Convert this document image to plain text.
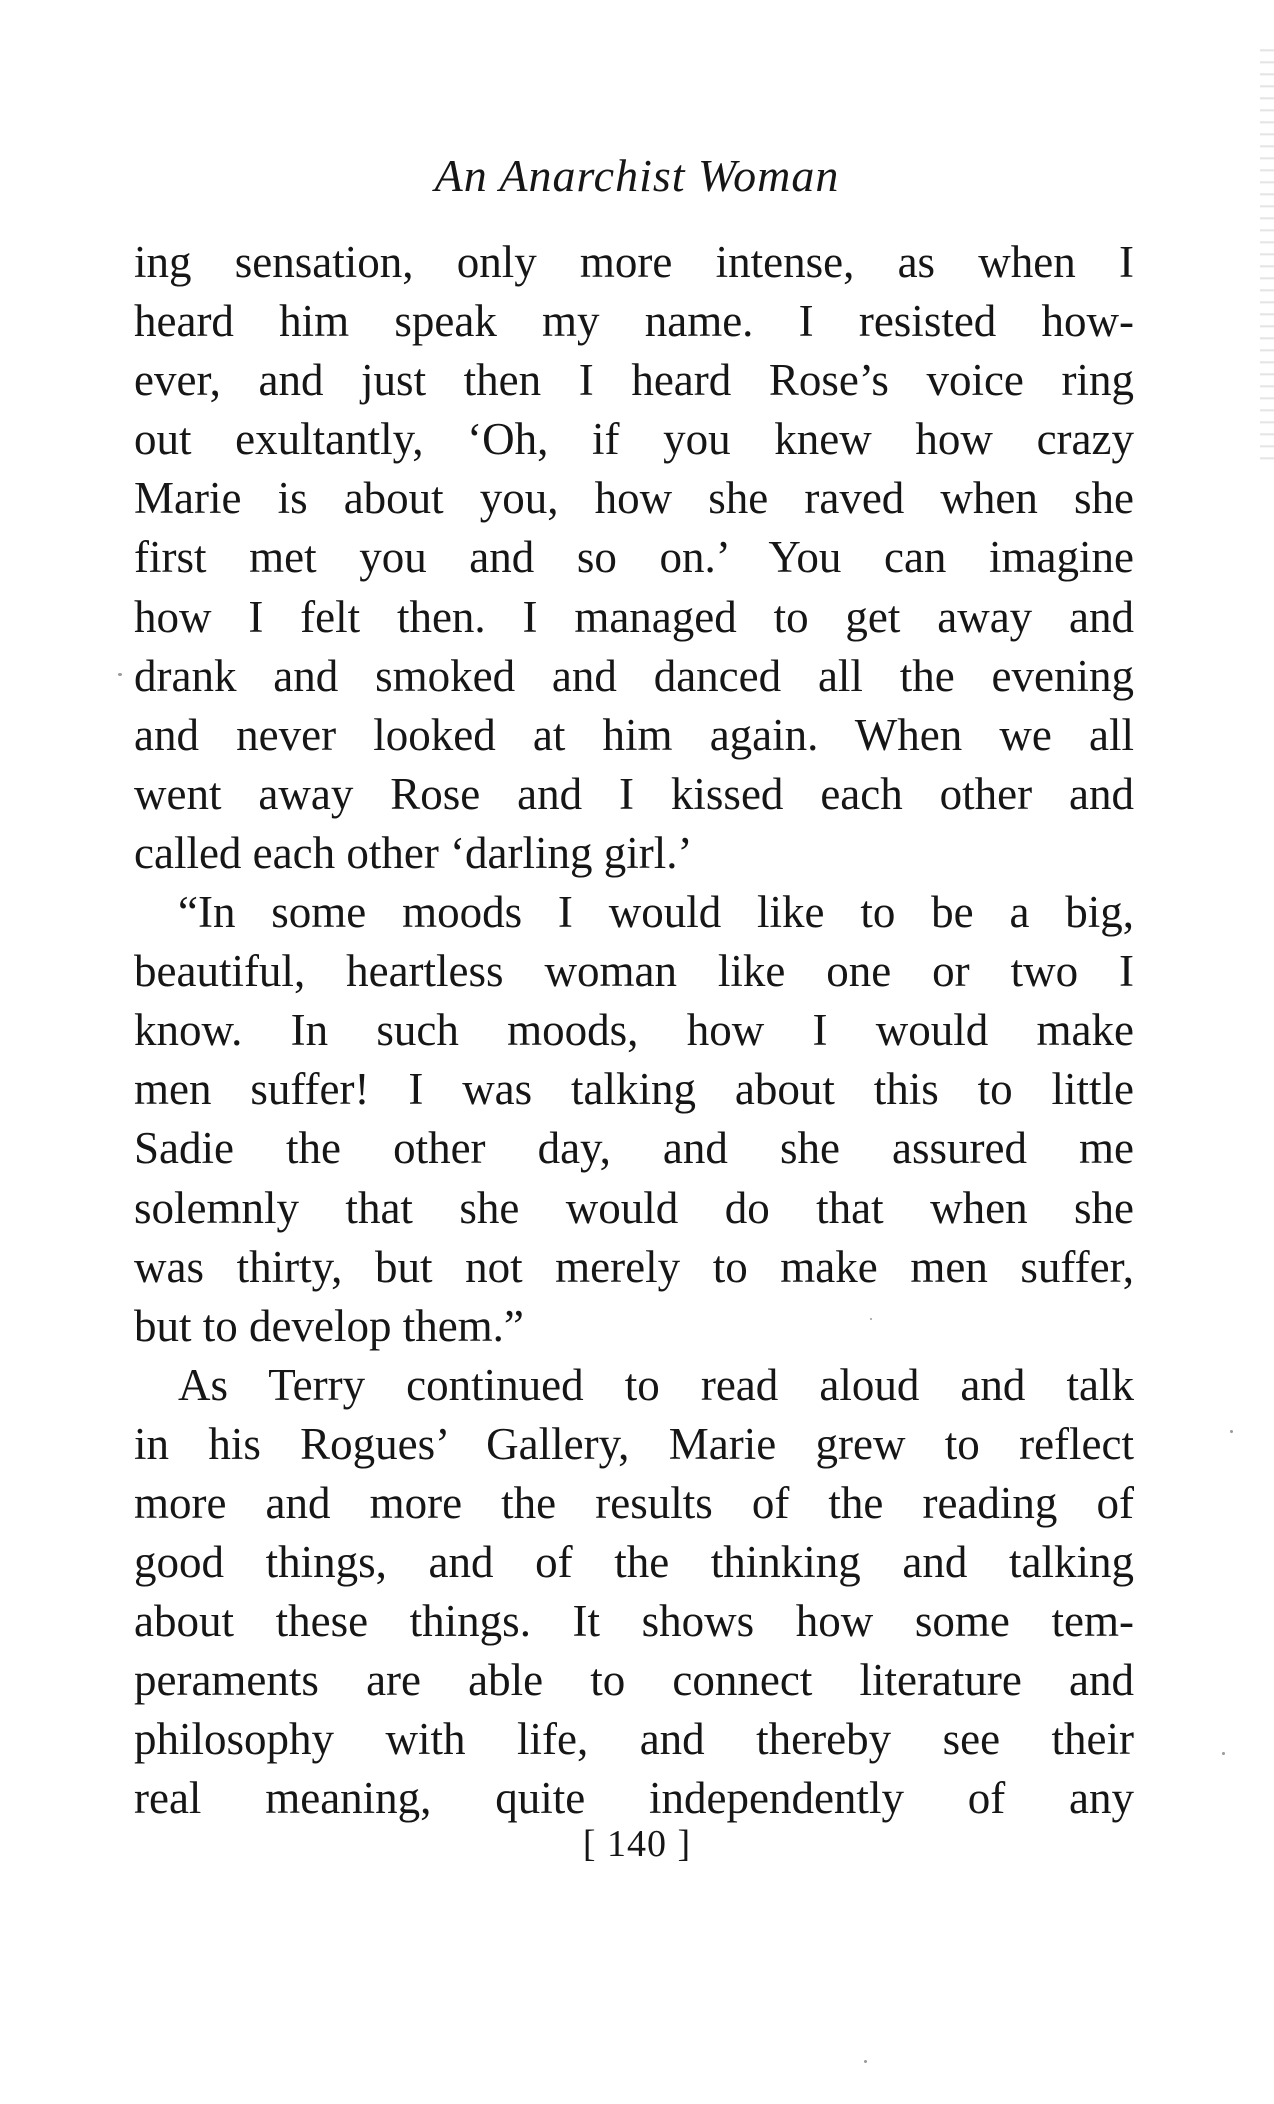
An Anarchist Woman
ing sensation, only more intense, as when I
heard him speak my name. I resisted how-
ever, and just then I heard Rose’s voice ring
out exultantly, ‘Oh, if you knew how crazy
Marie is about you, how she raved when she
first met you and so on.’ You can imagine
how I felt then. I managed to get away and
drank and smoked and danced all the evening
and never looked at him again. When we all
went away Rose and I kissed each other and
called each other ‘darling girl.’
“In some moods I would like to be a big,
beautiful, heartless woman like one or two I
know. In such moods, how I would make
men suffer! I was talking about this to little
Sadie the other day, and she assured me
solemnly that she would do that when she
was thirty, but not merely to make men suffer,
but to develop them.”
As Terry continued to read aloud and talk
in his Rogues’ Gallery, Marie grew to reflect
more and more the results of the reading of
good things, and of the thinking and talking
about these things. It shows how some tem-
peraments are able to connect literature and
philosophy with life, and thereby see their
real meaning, quite independently of any
[ 140 ]
